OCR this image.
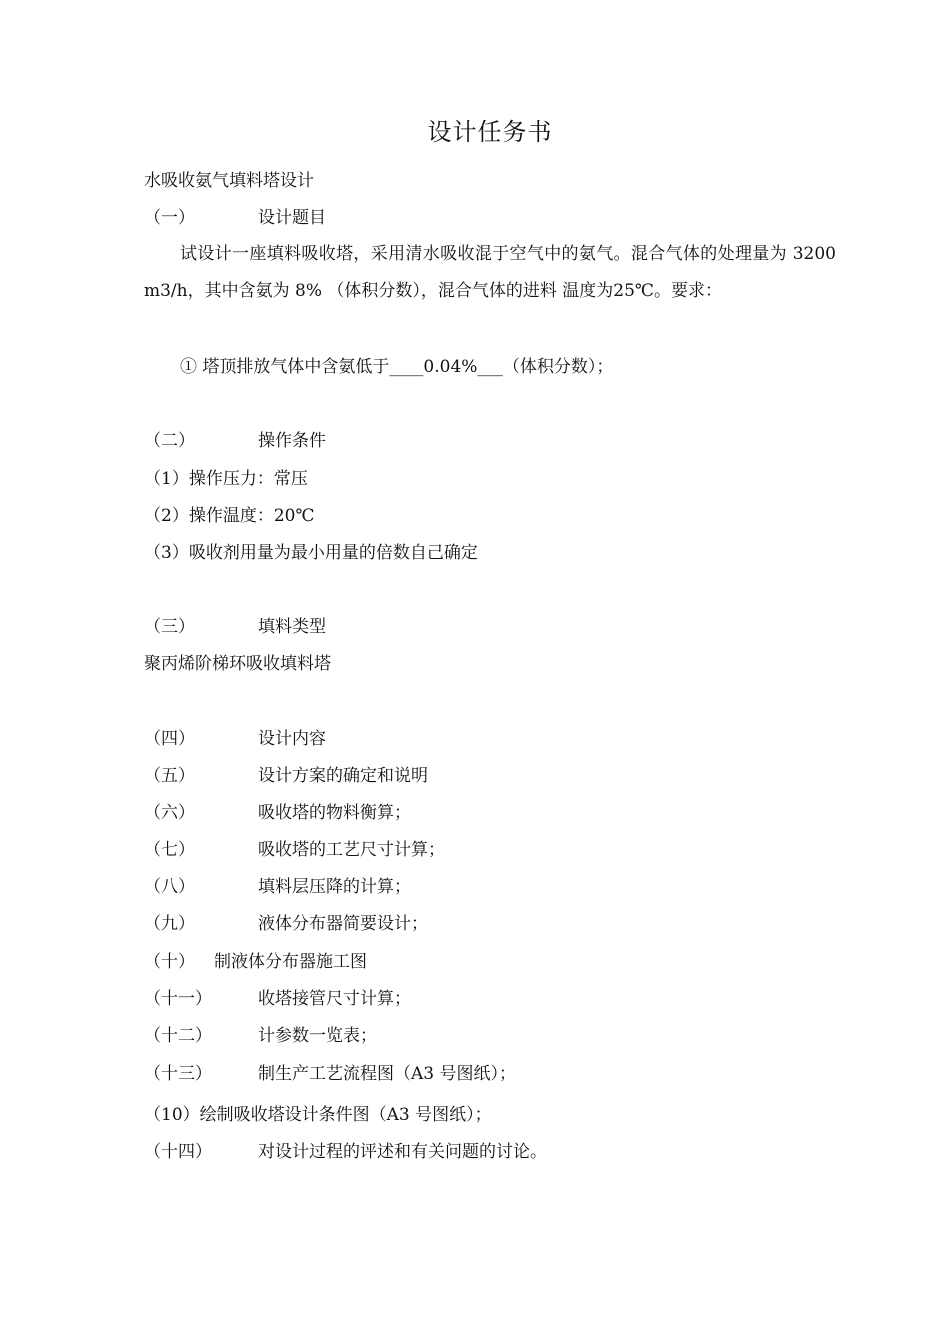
设计任务书
水吸收氨气填料塔设计
（一）	设计题目
试设计一座填料吸收塔，采用清水吸收混于空气中的氨气。混合气体的处理量为 3200 m3/h，其中含氨为 8% （体积分数），混合气体的进料 温度为25℃。要求：
① 塔顶排放气体中含氨低于____0.04%___（体积分数）；
（二）	操作条件
（1）操作压力：常压
（2）操作温度：20℃
（3）吸收剂用量为最小用量的倍数自己确定
（三）	填料类型
聚丙烯阶梯环吸收填料塔
（四）	设计内容
（五）	设计方案的确定和说明
（六）	吸收塔的物料衡算；
（七）	吸收塔的工艺尺寸计算；
（八）	填料层压降的计算；
（九）	液体分布器简要设计；
（十） 制液体分布器施工图
（十一）	收塔接管尺寸计算；
（十二）	计参数一览表；
（十三）	制生产工艺流程图（A3 号图纸）；
（10）绘制吸收塔设计条件图（A3 号图纸）；
（十四）	对设计过程的评述和有关问题的讨论。
